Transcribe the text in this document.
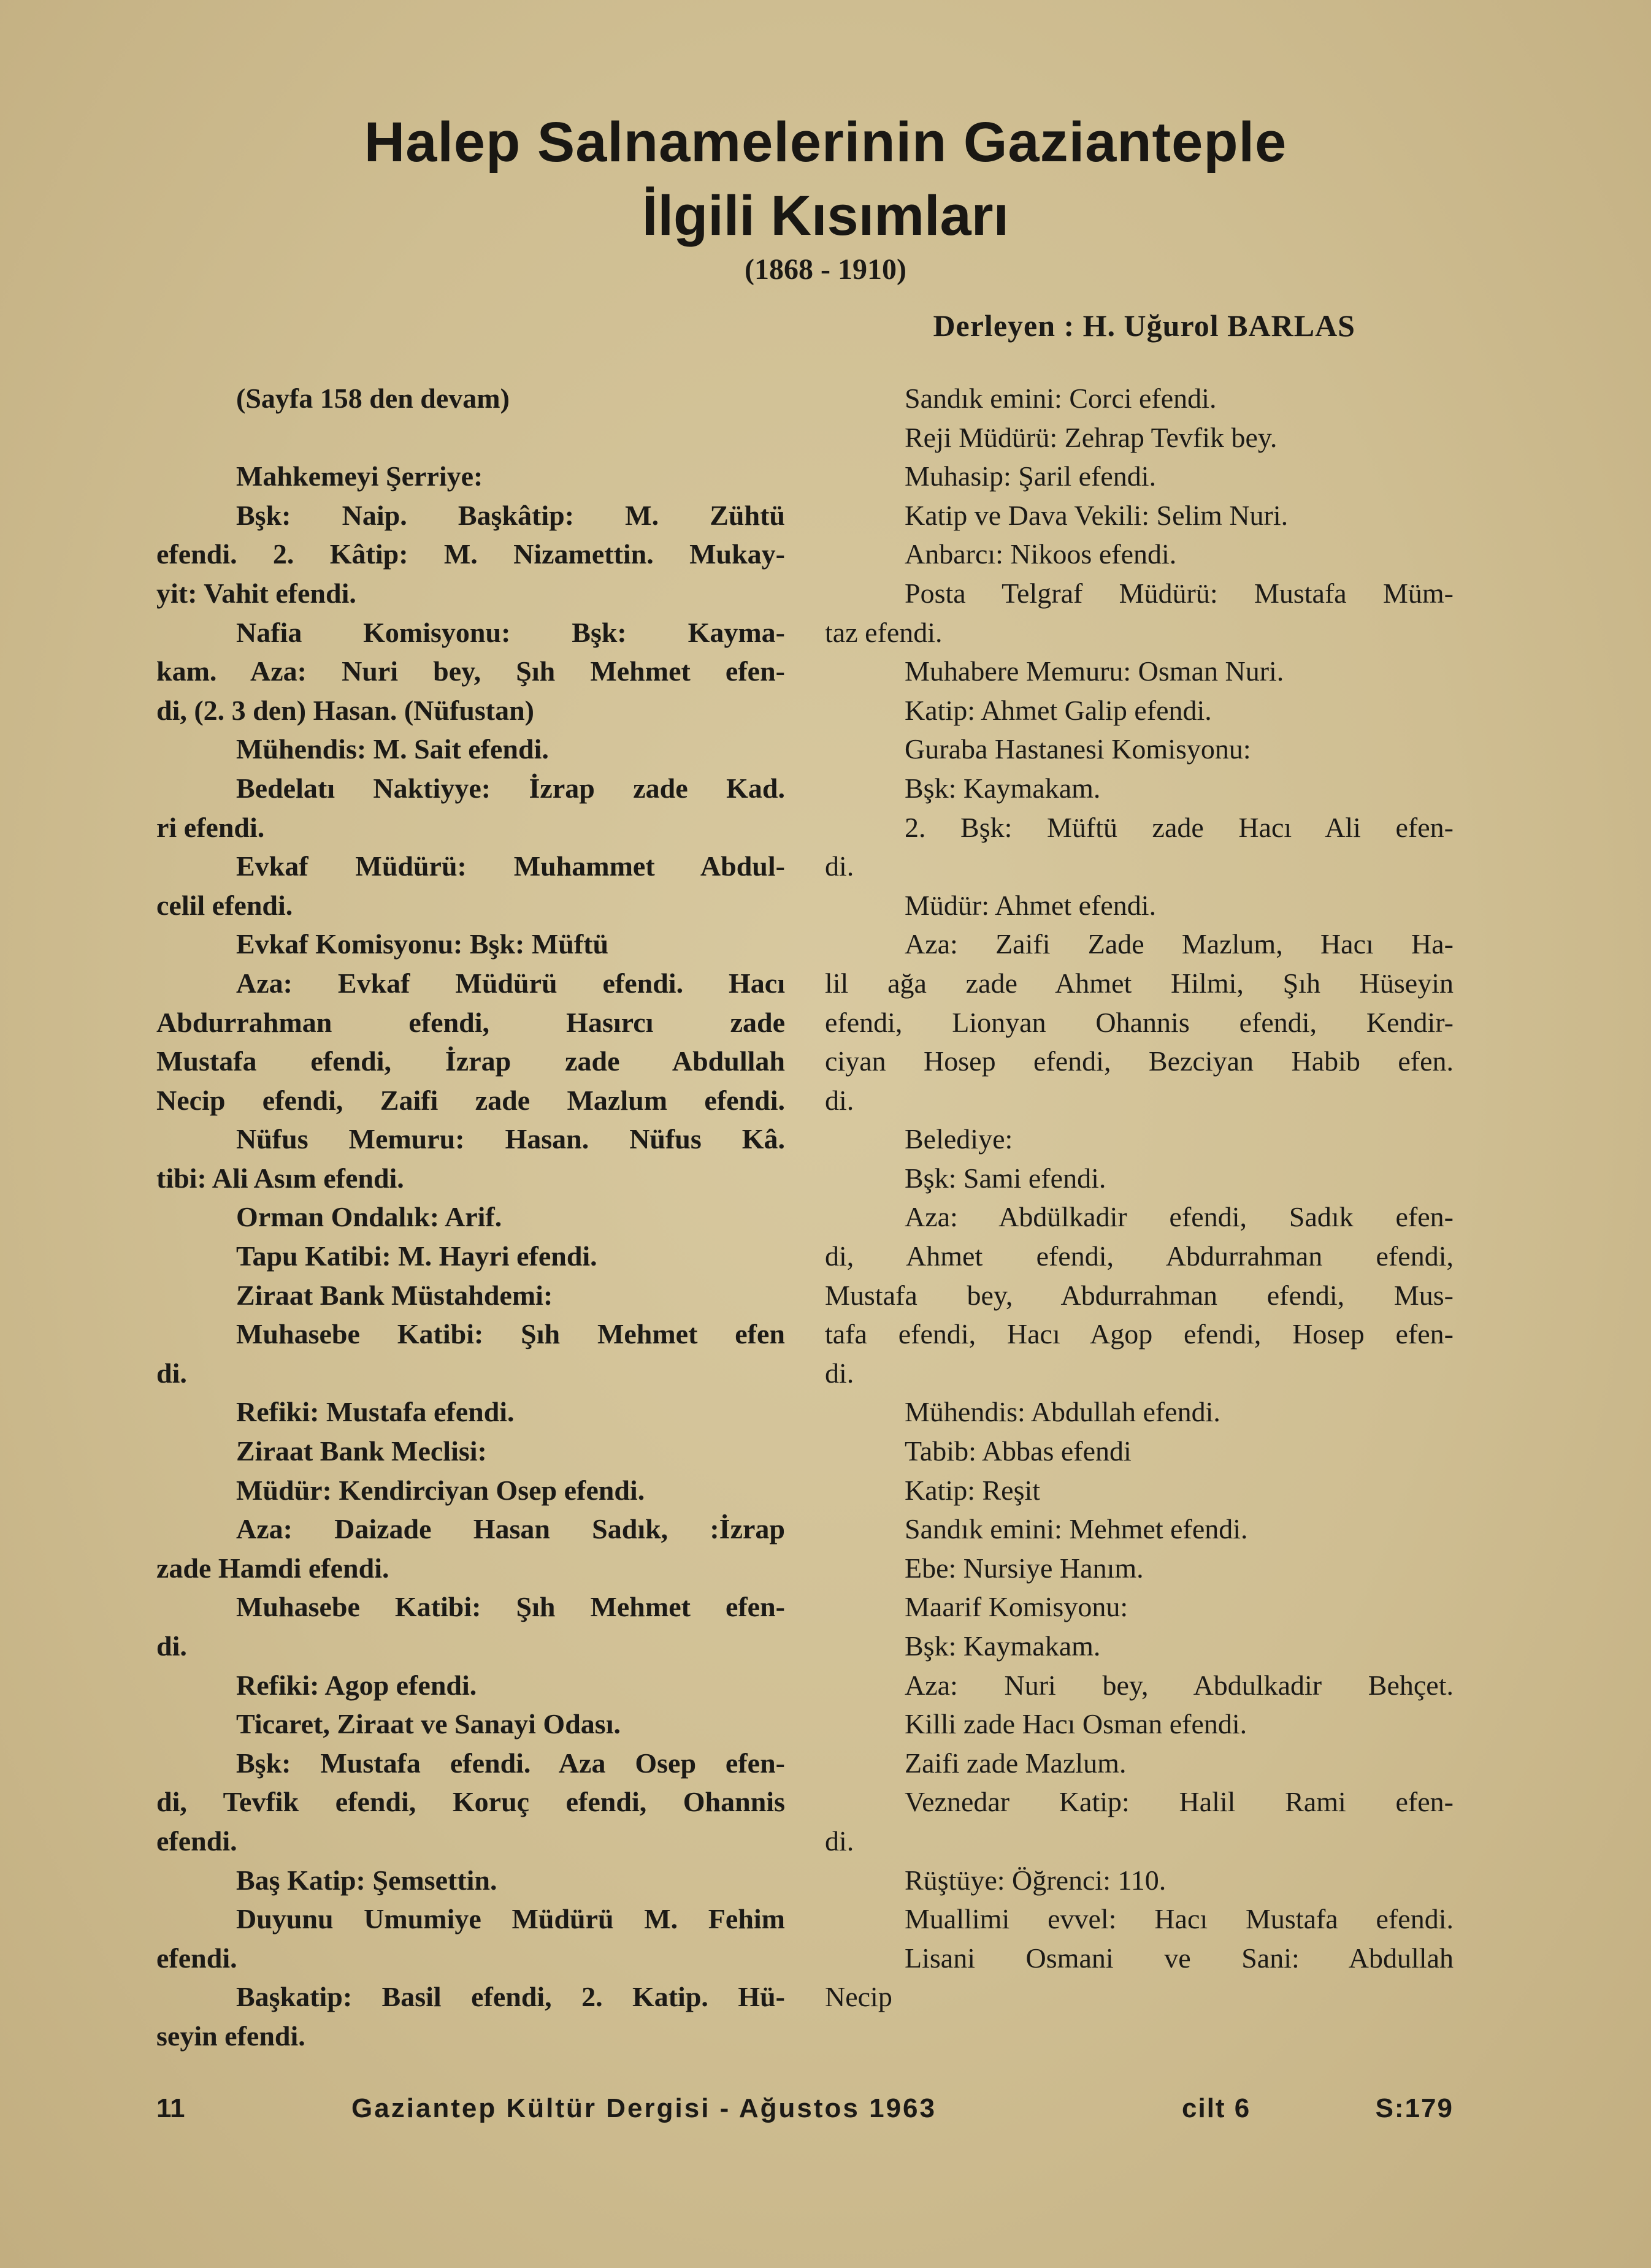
Halep Salnamelerinin Gazianteple
İlgili Kısımları
(1868 - 1910)
Derleyen : H. Uğurol BARLAS
(Sayfa 158 den devam)
Mahkemeyi Şerriye:
Bşk: Naip. Başkâtip: M. Zühtü
efendi. 2. Kâtip: M. Nizamettin. Mukay-
yit: Vahit efendi.
Nafia Komisyonu: Bşk: Kayma-
kam. Aza: Nuri bey, Şıh Mehmet efen-
di, (2. 3 den) Hasan. (Nüfustan)
Mühendis: M. Sait efendi.
Bedelatı Naktiyye: İzrap zade Kad.
ri efendi.
Evkaf Müdürü: Muhammet Abdul-
celil efendi.
Evkaf Komisyonu: Bşk: Müftü
Aza: Evkaf Müdürü efendi. Hacı
Abdurrahman efendi, Hasırcı zade
Mustafa efendi, İzrap zade Abdullah
Necip efendi, Zaifi zade Mazlum efendi.
Nüfus Memuru: Hasan. Nüfus Kâ.
tibi: Ali Asım efendi.
Orman Ondalık: Arif.
Tapu Katibi: M. Hayri efendi.
Ziraat Bank Müstahdemi:
Muhasebe Katibi: Şıh Mehmet efen
di.
Refiki: Mustafa efendi.
Ziraat Bank Meclisi:
Müdür: Kendirciyan Osep efendi.
Aza: Daizade Hasan Sadık, :İzrap
zade Hamdi efendi.
Muhasebe Katibi: Şıh Mehmet efen-
di.
Refiki: Agop efendi.
Ticaret, Ziraat ve Sanayi Odası.
Bşk: Mustafa efendi. Aza Osep efen-
di, Tevfik efendi, Koruç efendi, Ohannis
efendi.
Baş Katip: Şemsettin.
Duyunu Umumiye Müdürü M. Fehim
efendi.
Başkatip: Basil efendi, 2. Katip. Hü-
seyin efendi.
Sandık emini: Corci efendi.
Reji Müdürü: Zehrap Tevfik bey.
Muhasip: Şaril efendi.
Katip ve Dava Vekili: Selim Nuri.
Anbarcı: Nikoos efendi.
Posta Telgraf Müdürü: Mustafa Müm-
taz efendi.
Muhabere Memuru: Osman Nuri.
Katip: Ahmet Galip efendi.
Guraba Hastanesi Komisyonu:
Bşk: Kaymakam.
2. Bşk: Müftü zade Hacı Ali efen-
di.
Müdür: Ahmet efendi.
Aza: Zaifi Zade Mazlum, Hacı Ha-
lil ağa zade Ahmet Hilmi, Şıh Hüseyin
efendi, Lionyan Ohannis efendi, Kendir-
ciyan Hosep efendi, Bezciyan Habib efen.
di.
Belediye:
Bşk: Sami efendi.
Aza: Abdülkadir efendi, Sadık efen-
di, Ahmet efendi, Abdurrahman efendi,
Mustafa bey, Abdurrahman efendi, Mus-
tafa efendi, Hacı Agop efendi, Hosep efen-
di.
Mühendis: Abdullah efendi.
Tabib: Abbas efendi
Katip: Reşit
Sandık emini: Mehmet efendi.
Ebe: Nursiye Hanım.
Maarif Komisyonu:
Bşk: Kaymakam.
Aza: Nuri bey, Abdulkadir Behçet.
Killi zade Hacı Osman efendi.
Zaifi zade Mazlum.
Veznedar Katip: Halil Rami efen-
di.
Rüştüye: Öğrenci: 110.
Muallimi evvel: Hacı Mustafa efendi.
Lisani Osmani ve Sani: Abdullah
Necip
11	Gaziantep Kültür Dergisi - Ağustos 1963	cilt 6	S:179
